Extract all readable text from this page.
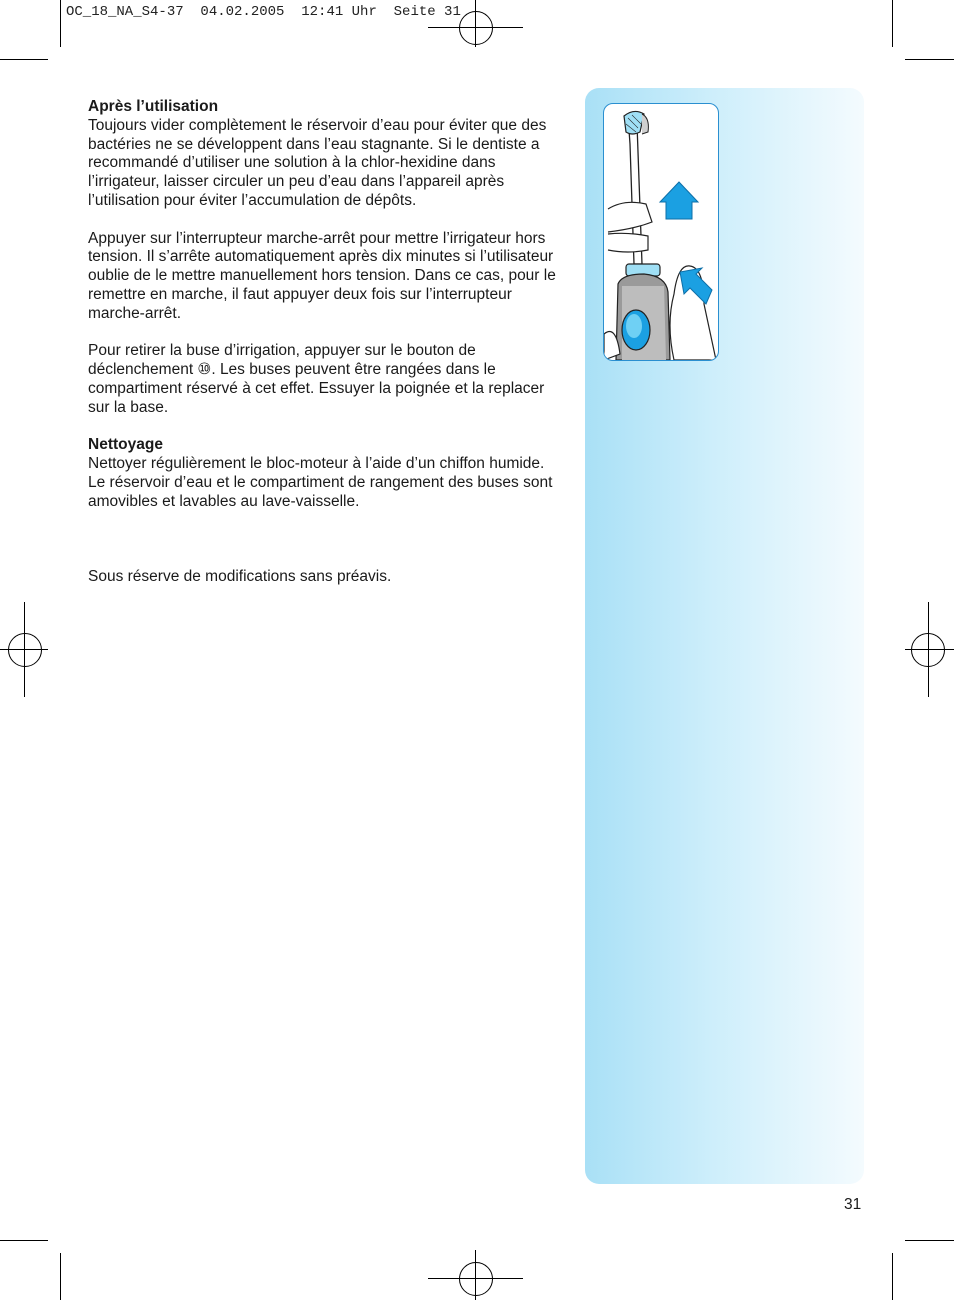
OC_18_NA_S4-37  04.02.2005  12:41 Uhr  Seite 31

Après l’utilisation
Toujours vider complètement le réservoir d’eau pour éviter que des bactéries ne se développent dans l’eau stagnante. Si le dentiste a recommandé d’utiliser une solution à la chlor-hexidine dans l’irrigateur, laisser circuler un peu d’eau dans l’appareil après l’utilisation pour éviter l’accumulation de dépôts.

Appuyer sur l’interrupteur marche-arrêt pour mettre l’irrigateur hors tension. Il s’arrête automatiquement après dix minutes si l’utilisateur oublie de le mettre manuellement hors tension. Dans ce cas, pour le remettre en marche, il faut appuyer deux fois sur l’interrupteur marche-arrêt.

Pour retirer la buse d’irrigation, appuyer sur le bouton de déclenchement ⑩. Les buses peuvent être rangées dans le compartiment réservé à cet effet. Essuyer la poignée et la replacer sur la base.

Nettoyage
Nettoyer régulièrement le bloc-moteur à l’aide d’un chiffon humide. Le réservoir d’eau et le compartiment de rangement des buses sont amovibles et lavables au lave-vaisselle.

Sous réserve de modifications sans préavis.

31
